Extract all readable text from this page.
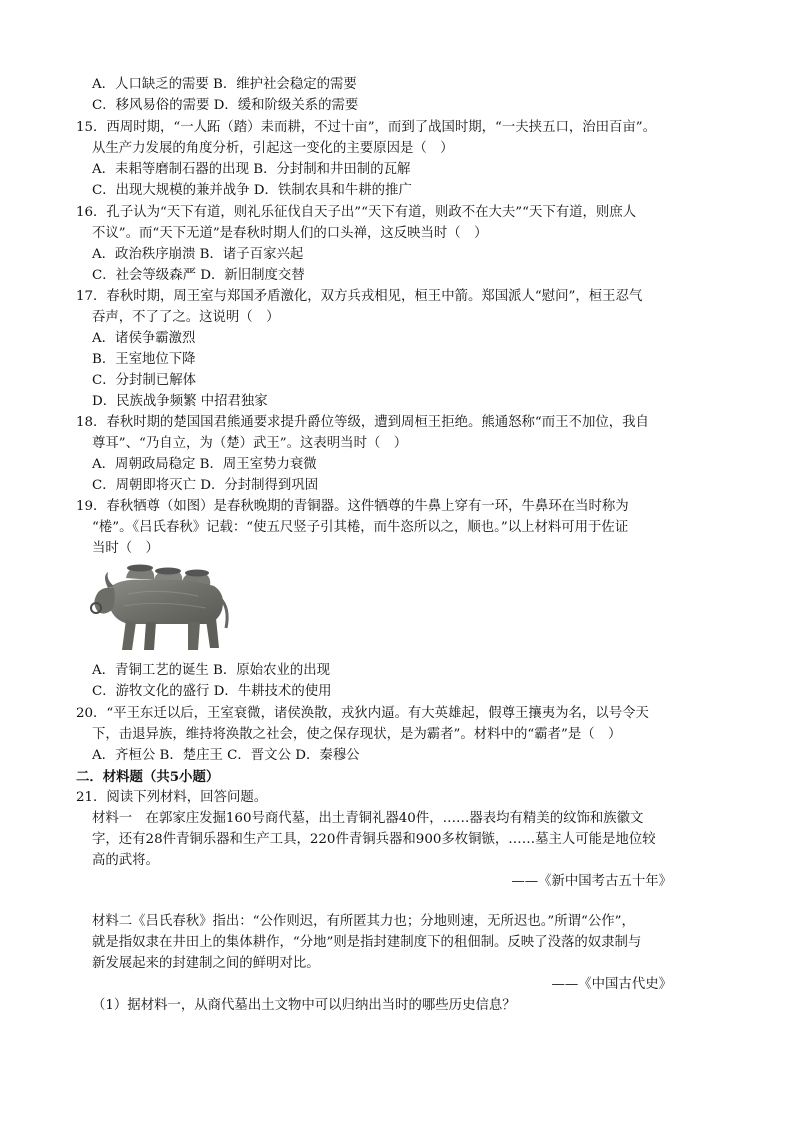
A．人口缺乏的需要 B．维护社会稳定的需要
C．移风易俗的需要 D．缓和阶级关系的需要
15．西周时期，“一人跖（踏）耒而耕，不过十亩”，而到了战国时期，“一夫挟五口，治田百亩”。
从生产力发展的角度分析，引起这一变化的主要原因是（　）
A．耒耜等磨制石器的出现 B．分封制和井田制的瓦解
C．出现大规模的兼并战争 D．铁制农具和牛耕的推广
16．孔子认为“天下有道，则礼乐征伐自天子出”“天下有道，则政不在大夫”“天下有道，则庶人
不议”。而“天下无道”是春秋时期人们的口头禅，这反映当时（　）
A．政治秩序崩溃 B．诸子百家兴起
C．社会等级森严 D．新旧制度交替
17．春秋时期，周王室与郑国矛盾激化，双方兵戎相见，桓王中箭。郑国派人“慰问”，桓王忍气
吞声，不了了之。这说明（　）
A．诸侯争霸激烈
B．王室地位下降
C．分封制已解体
D．民族战争频繁 中招君独家
18．春秋时期的楚国国君熊通要求提升爵位等级，遭到周桓王拒绝。熊通怒称“而王不加位，我自
尊耳”、“乃自立，为（楚）武王”。这表明当时（　）
A．周朝政局稳定 B．周王室势力衰微
C．周朝即将灭亡 D．分封制得到巩固
19．春秋牺尊（如图）是春秋晚期的青铜器。这件牺尊的牛鼻上穿有一环，牛鼻环在当时称为
“棬”。《吕氏春秋》记载：“使五尺竖子引其棬，而牛恣所以之，顺也。”以上材料可用于佐证
当时（　）
A．青铜工艺的诞生 B．原始农业的出现
C．游牧文化的盛行 D．牛耕技术的使用
20．“平王东迁以后，王室衰微，诸侯涣散，戎狄内逼。有大英雄起，假尊王攘夷为名，以号令天
下，击退异族，维持将涣散之社会，使之保存现状，是为霸者”。材料中的“霸者”是（　）
A．齐桓公 B．楚庄王 C．晋文公 D．秦穆公
二．材料题（共5小题）
21．阅读下列材料，回答问题。
材料一　在郭家庄发掘160号商代墓，出土青铜礼器40件，……器表均有精美的纹饰和族徽文
字，还有28件青铜乐器和生产工具，220件青铜兵器和900多枚铜镞，……墓主人可能是地位较
高的武将。
——《新中国考古五十年》
材料二《吕氏春秋》指出：“公作则迟，有所匿其力也；分地则速，无所迟也。”所谓“公作”，
就是指奴隶在井田上的集体耕作，“分地”则是指封建制度下的租佃制。反映了没落的奴隶制与
新发展起来的封建制之间的鲜明对比。
——《中国古代史》
（1）据材料一，从商代墓出土文物中可以归纳出当时的哪些历史信息？
